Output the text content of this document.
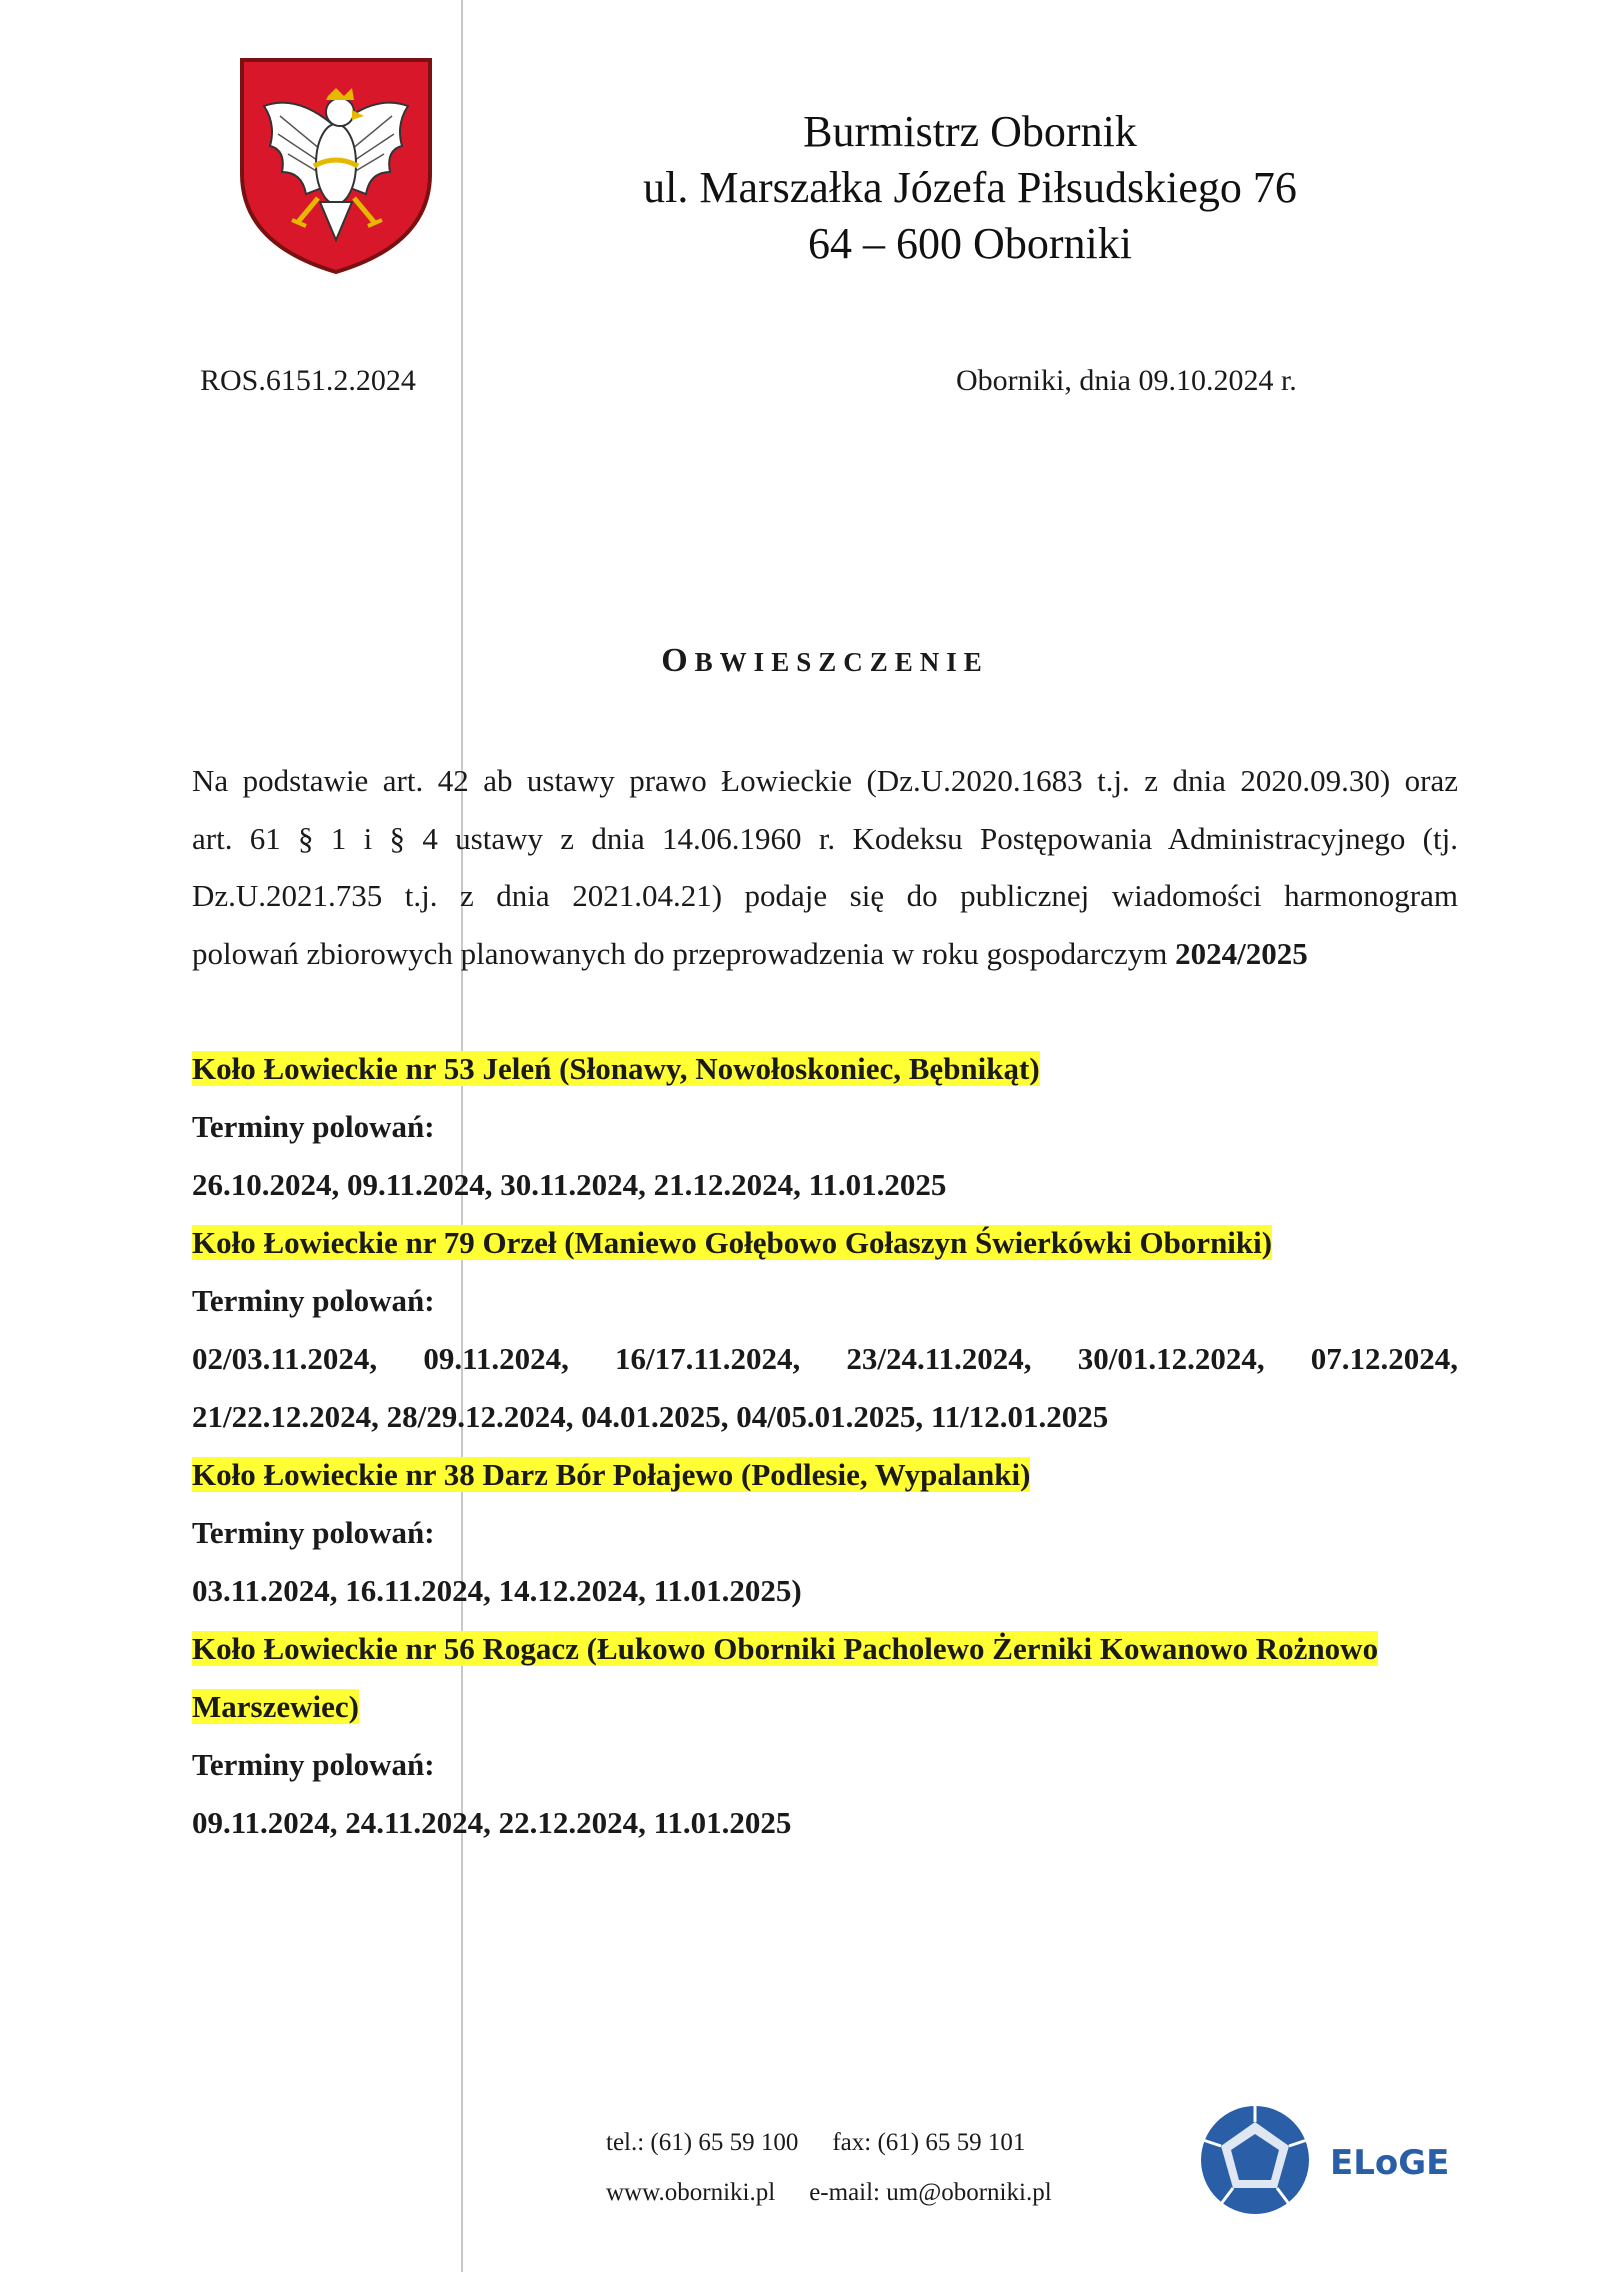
Burmistrz Obornik
ul. Marszałka Józefa Piłsudskiego 76
64 – 600 Oborniki
ROS.6151.2.2024	Oborniki, dnia 09.10.2024 r.
OBWIESZCZENIE
Na podstawie art. 42 ab ustawy prawo Łowieckie (Dz.U.2020.1683 t.j. z dnia 2020.09.30) oraz
art. 61 § 1 i § 4 ustawy z dnia 14.06.1960 r. Kodeksu Postępowania Administracyjnego (tj.
Dz.U.2021.735 t.j. z dnia 2021.04.21) podaje się do publicznej wiadomości harmonogram
polowań zbiorowych planowanych do przeprowadzenia w roku gospodarczym 2024/2025
Koło Łowieckie nr 53 Jeleń (Słonawy, Nowołoskoniec, Bębnikąt)
Terminy polowań:
26.10.2024, 09.11.2024, 30.11.2024, 21.12.2024, 11.01.2025
Koło Łowieckie nr 79 Orzeł (Maniewo Gołębowo Gołaszyn Świerkówki Oborniki)
Terminy polowań:
02/03.11.2024, 09.11.2024, 16/17.11.2024, 23/24.11.2024, 30/01.12.2024, 07.12.2024,
21/22.12.2024, 28/29.12.2024, 04.01.2025, 04/05.01.2025, 11/12.01.2025
Koło Łowieckie nr 38 Darz Bór Połajewo (Podlesie, Wypalanki)
Terminy polowań:
03.11.2024, 16.11.2024, 14.12.2024, 11.01.2025)
Koło Łowieckie nr 56 Rogacz (Łukowo Oborniki Pacholewo Żerniki Kowanowo Rożnowo
Marszewiec)
Terminy polowań:
09.11.2024, 24.11.2024, 22.12.2024, 11.01.2025
tel.: (61) 65 59 100 fax: (61) 65 59 101
www.oborniki.pl e-mail: um@oborniki.pl
ELoGE
